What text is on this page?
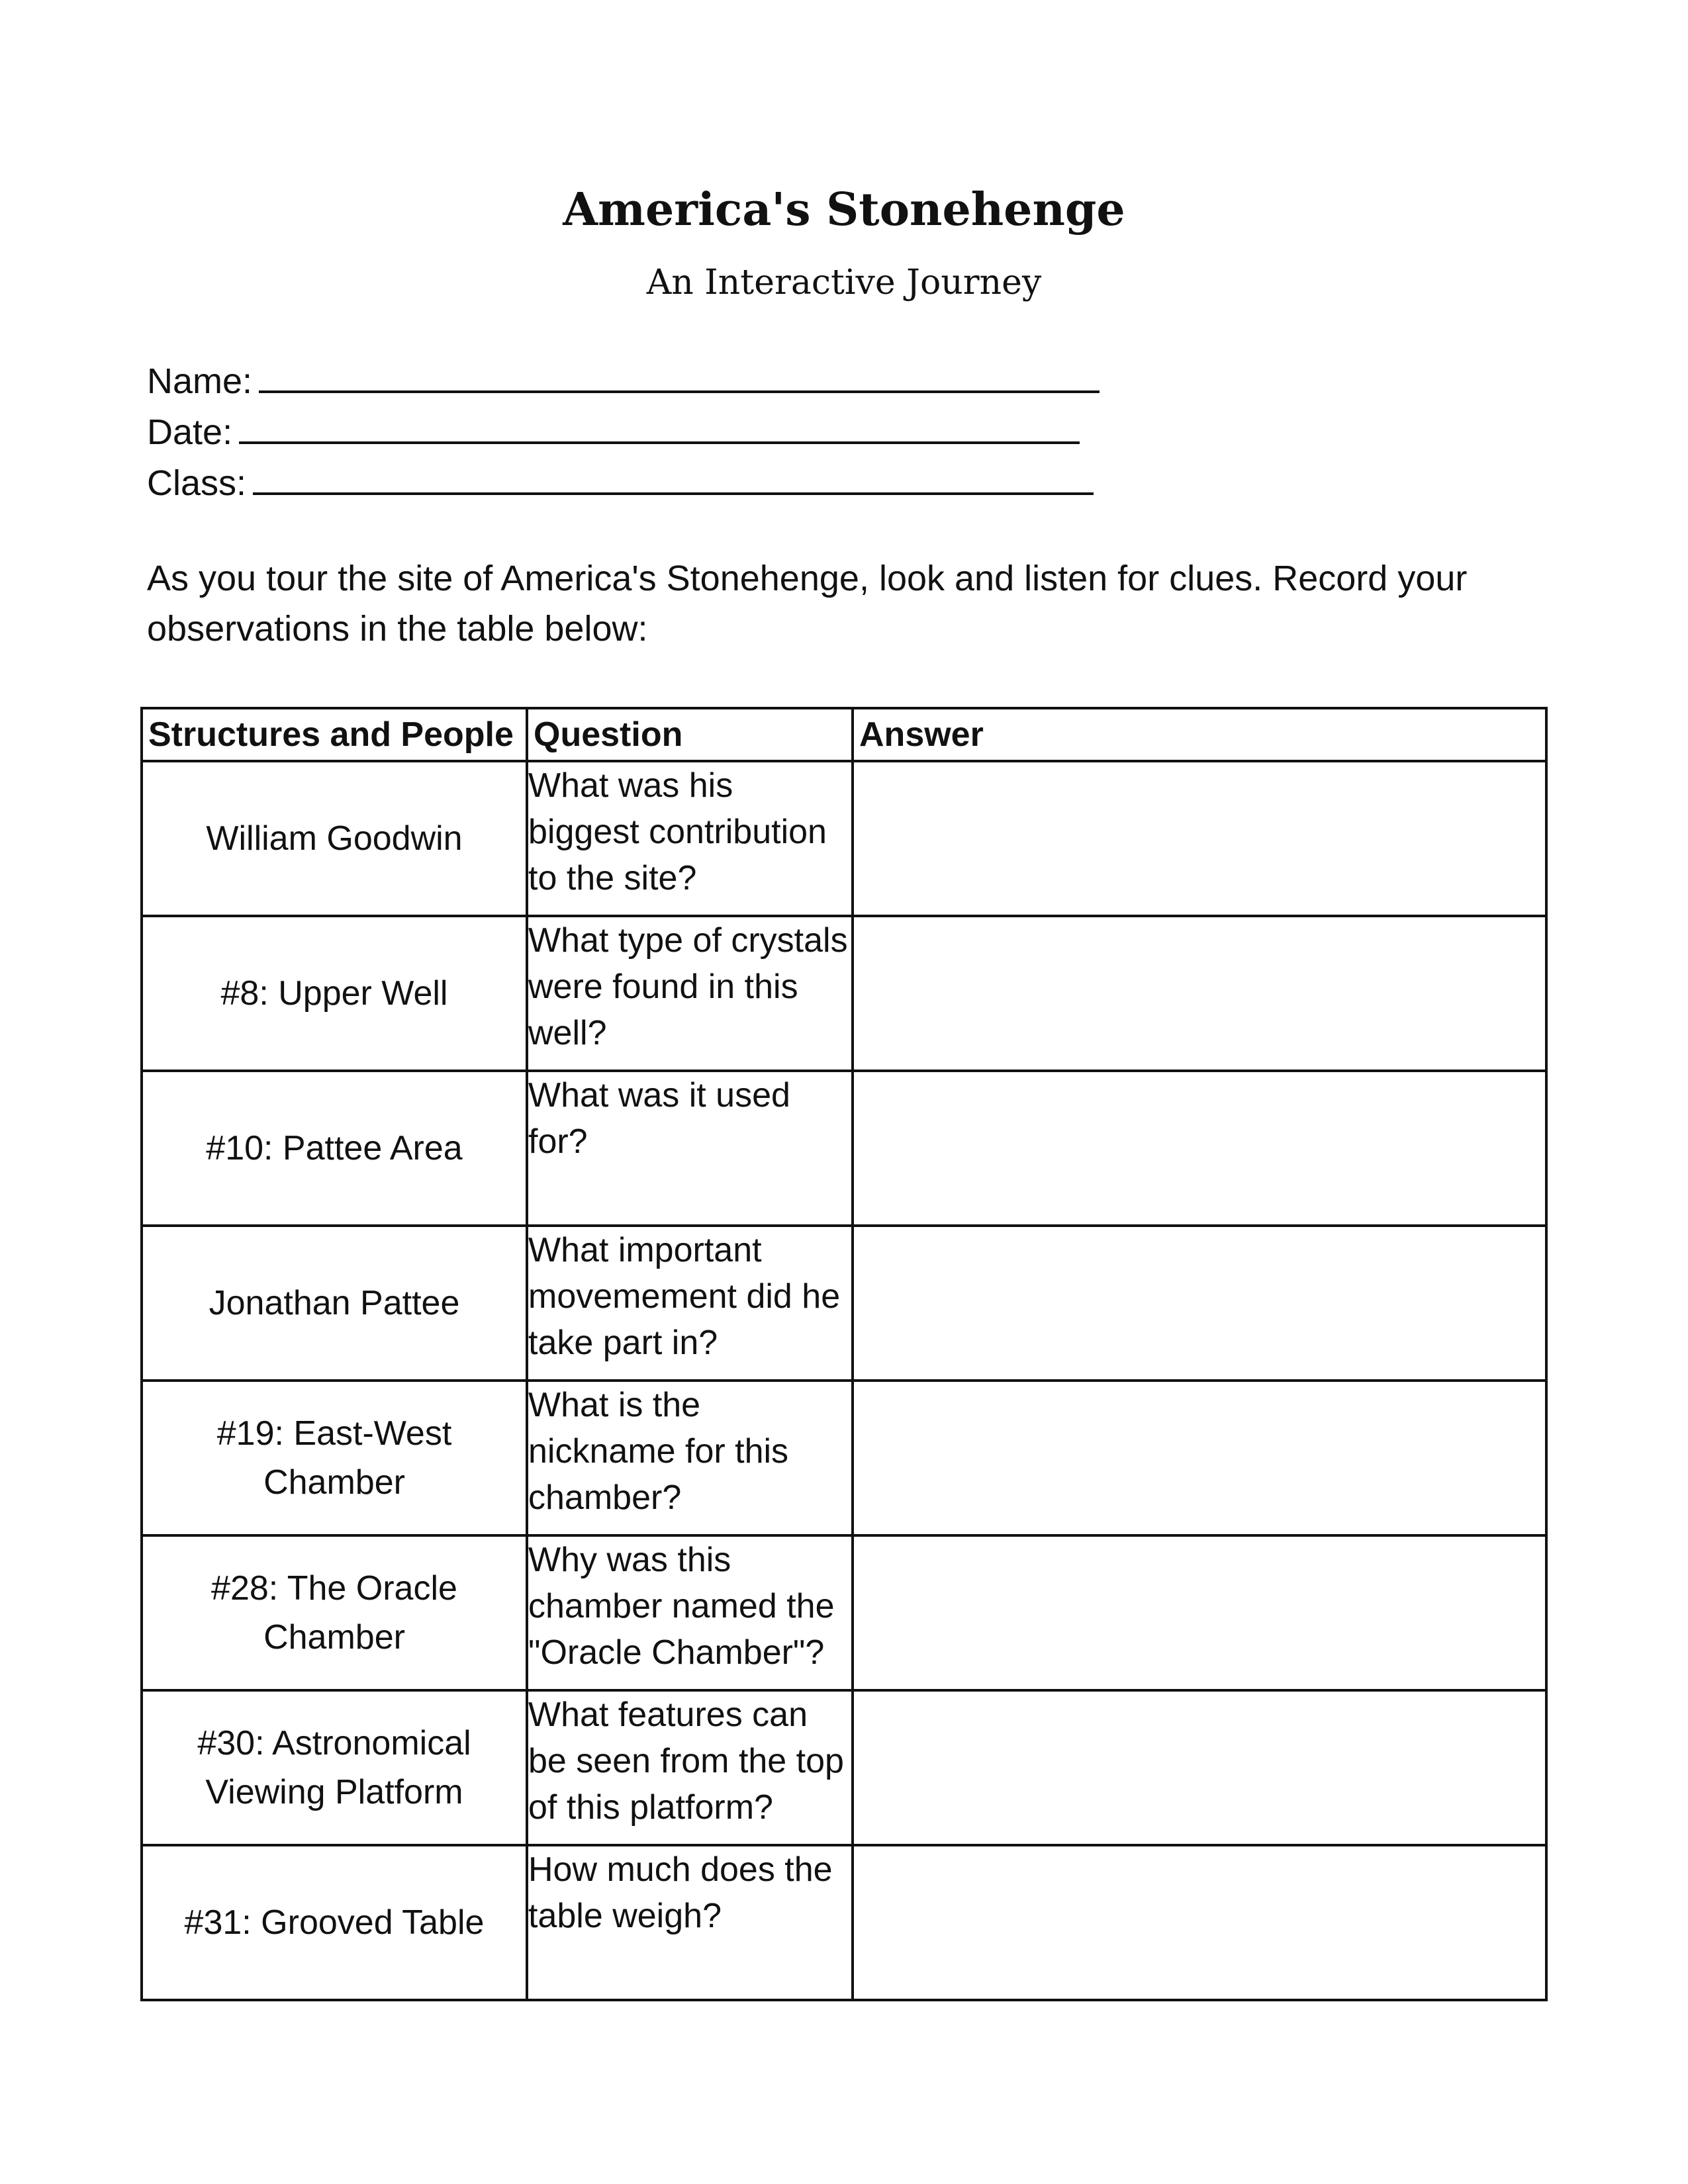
America's Stonehenge
An Interactive Journey
Name:
Date:
Class:

As you tour the site of America's Stonehenge, look and listen for clues. Record your observations in the table below:

Structures and People	Question	Answer
William Goodwin	What was his biggest contribution to the site?	
#8: Upper Well	What type of crystals were found in this well?	
#10: Pattee Area	What was it used for?	
Jonathan Pattee	What important movemement did he take part in?	
#19: East-West Chamber	What is the nickname for this chamber?	
#28: The Oracle Chamber	Why was this chamber named the "Oracle Chamber"?	
#30: Astronomical Viewing Platform	What features can be seen from the top of this platform?	
#31: Grooved Table	How much does the table weigh?	
